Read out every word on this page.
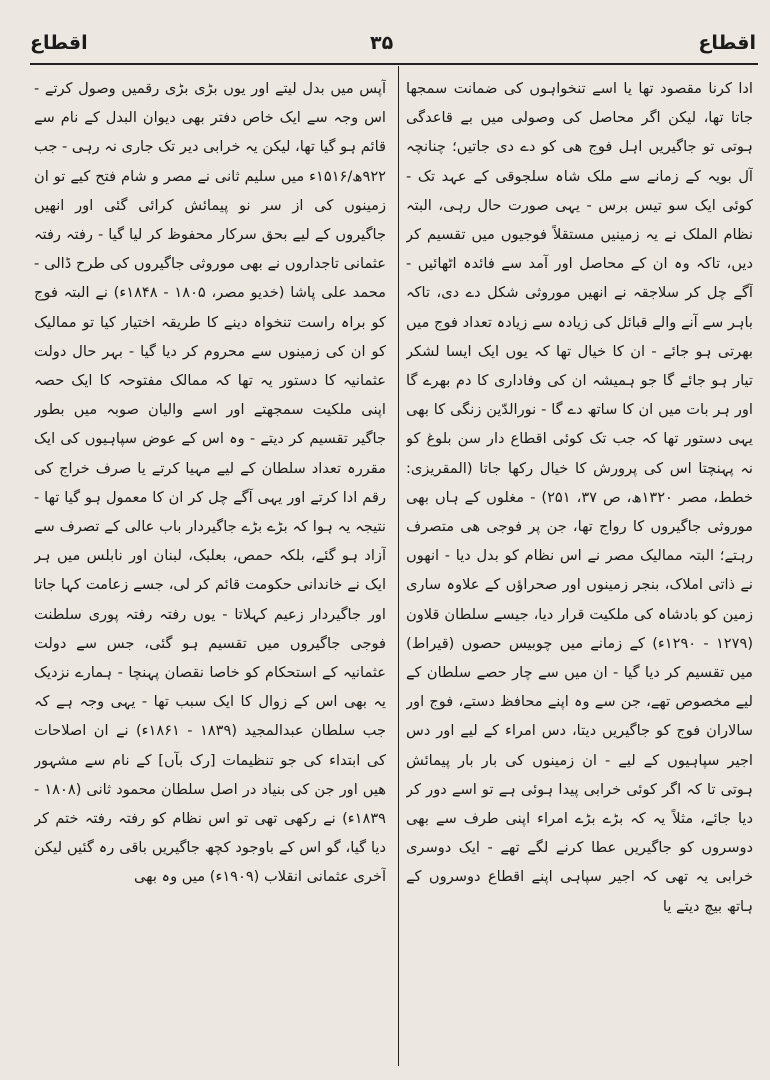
اقطاع	۳۵	اقطاع

ادا کرنا مقصود تھا یا اسے تنخواہوں کی ضمانت سمجھا جاتا تھا، لیکن اگر محاصل کی وصولی میں بے قاعدگی ہوتی تو جاگیریں اہل فوج ھی کو دے دی جاتیں؛ چنانچہ آل بویہ کے زمانے سے ملک شاہ سلجوقی کے عہد تک - کوئی ایک سو تیس برس - یہی صورت حال رہی، البتہ نظام الملک نے یہ زمینیں مستقلاً فوجیوں میں تقسیم کر دیں، تاکہ وہ ان کے محاصل اور آمد سے فائدہ اٹھائیں - آگے چل کر سلاجقہ نے انھیں موروثی شکل دے دی، تاکہ باہر سے آنے والے قبائل کی زیادہ سے زیادہ تعداد فوج میں بھرتی ہو جائے - ان کا خیال تھا کہ یوں ایک ایسا لشکر تیار ہو جائے گا جو ہمیشہ ان کی وفاداری کا دم بھرے گا اور ہر بات میں ان کا ساتھ دے گا - نورالدّین زنگی کا بھی یہی دستور تھا کہ جب تک کوئی اقطاع دار سن بلوغ کو نہ پہنچتا اس کی پرورش کا خیال رکھا جاتا (المقریزی: خطط، مصر ۱۳۲۰ھ، ص ۳۷، ۲۵۱) - مغلوں کے ہاں بھی موروثی جاگیروں کا رواج تھا، جن پر فوجی ھی متصرف رہتے؛ البتہ ممالیک مصر نے اس نظام کو بدل دیا - انھوں نے ذاتی املاک، بنجر زمینوں اور صحراؤں کے علاوہ ساری زمین کو بادشاہ کی ملکیت قرار دیا، جیسے سلطان قلاون (۱۲۷۹ - ۱۲۹۰ء) کے زمانے میں چوبیس حصوں (قیراط) میں تقسیم کر دیا گیا - ان میں سے چار حصے سلطان کے لیے مخصوص تھے، جن سے وہ اپنے محافظ دستے، فوج اور سالاران فوج کو جاگیریں دیتا، دس امراء کے لیے اور دس اجیر سپاہیوں کے لیے - ان زمینوں کی بار بار پیمائش ہوتی تا کہ اگر کوئی خرابی پیدا ہوئی ہے تو اسے دور کر دیا جائے، مثلاً یہ کہ بڑے بڑے امراء اپنی طرف سے بھی دوسروں کو جاگیریں عطا کرنے لگے تھے - ایک دوسری خرابی یہ تھی کہ اجیر سپاہی اپنے اقطاع دوسروں کے ہاتھ بیچ دیتے یا

آپس میں بدل لیتے اور یوں بڑی بڑی رقمیں وصول کرتے - اس وجہ سے ایک خاص دفتر بھی دیوان البدل کے نام سے قائم ہو گیا تھا، لیکن یہ خرابی دیر تک جاری نہ رہی - جب ۹۲۲ھ/۱۵۱۶ء میں سلیم ثانی نے مصر و شام فتح کیے تو ان زمینوں کی از سر نو پیمائش کرائی گئی اور انھیں جاگیروں کے لیے بحق سرکار محفوظ کر لیا گیا - رفتہ رفتہ عثمانی تاجداروں نے بھی موروثی جاگیروں کی طرح ڈالی - محمد علی پاشا (خدیو مصر، ۱۸۰۵ - ۱۸۴۸ء) نے البتہ فوج کو براہ راست تنخواہ دینے کا طریقہ اختیار کیا تو ممالیک کو ان کی زمینوں سے محروم کر دیا گیا - بہر حال دولت عثمانیہ کا دستور یہ تھا کہ ممالک مفتوحہ کا ایک حصہ اپنی ملکیت سمجھتے اور اسے والیان صوبہ میں بطور جاگیر تقسیم کر دیتے - وہ اس کے عوض سپاہیوں کی ایک مقررہ تعداد سلطان کے لیے مہیا کرتے یا صرف خراج کی رقم ادا کرتے اور یہی آگے چل کر ان کا معمول ہو گیا تھا - نتیجہ یہ ہوا کہ بڑے بڑے جاگیردار باب عالی کے تصرف سے آزاد ہو گئے، بلکہ حمص، بعلبک، لبنان اور نابلس میں ہر ایک نے خاندانی حکومت قائم کر لی، جسے زعامت کہا جاتا اور جاگیردار زعیم کہلاتا - یوں رفتہ رفتہ پوری سلطنت فوجی جاگیروں میں تقسیم ہو گئی، جس سے دولت عثمانیہ کے استحکام کو خاصا نقصان پہنچا - ہمارے نزدیک یہ بھی اس کے زوال کا ایک سبب تھا - یہی وجہ ہے کہ جب سلطان عبدالمجید (۱۸۳۹ - ۱۸۶۱ء) نے ان اصلاحات کی ابتداء کی جو تنظیمات [رک بآں] کے نام سے مشہور ھیں اور جن کی بنیاد در اصل سلطان محمود ثانی (۱۸۰۸ - ۱۸۳۹ء) نے رکھی تھی تو اس نظام کو رفتہ رفتہ ختم کر دیا گیا، گو اس کے باوجود کچھ جاگیریں باقی رہ گئیں لیکن آخری عثمانی انقلاب (۱۹۰۹ء) میں وہ بھی
